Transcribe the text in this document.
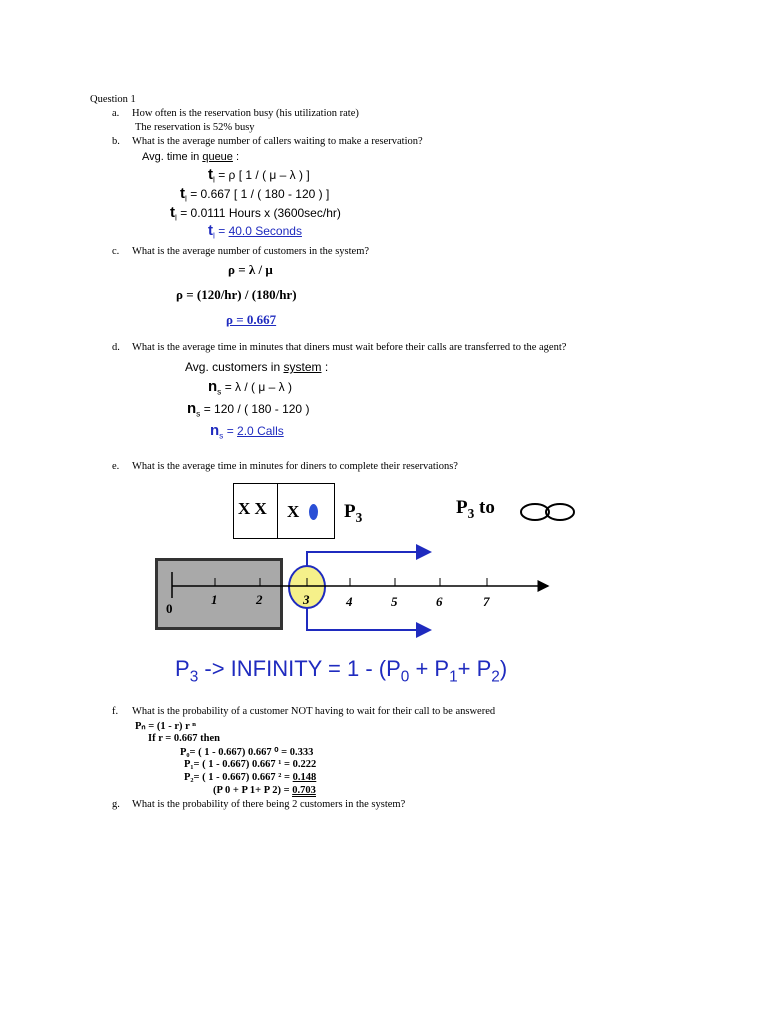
Question 1
a. How often is the reservation busy (his utilization rate)
The reservation is 52% busy
b. What is the average number of callers waiting to make a reservation?
Avg. time in queue :
$t_l = \rho$ [ 1 / ( μ – λ ) ]
$t_l = 0.667$ [ 1 / ( 180 - 120 ) ]
$t_l = 0.0111$ Hours x (3600sec/hr)
$t_l = 40.0$ Seconds
c. What is the average number of customers in the system?
ρ = λ / μ
ρ = (120/hr) / (180/hr)
ρ = 0.667
d. What is the average time in minutes that diners must wait before their calls are transferred to the agent?
Avg. customers in system :
$n_s = \lambda$ / ( μ – λ )
$n_s = 120$ / ( 180 - 120 )
$n_s = 2.0$ Calls
e. What is the average time in minutes for diners to complete their reservations?
X X X $P_3$	$P_3$ to
0
1	2	3	4	5	6	7
$P_3$ -> INFINITY = $1 - (P_0 + P_1+ P_2)$
f. What is the probability of a customer NOT having to wait for their call to be answered
Pₙ = (1 - r) r ⁿ
If r = 0.667 then
P₀= ( 1 - 0.667) 0.667 ⁰ = 0.333
P₁= ( 1 - 0.667) 0.667 ¹ = 0.222
P₂= ( 1 - 0.667) 0.667 ² = 0.148
(P 0 + P 1+ P 2) = 0.703
g. What is the probability of there being 2 customers in the system?
